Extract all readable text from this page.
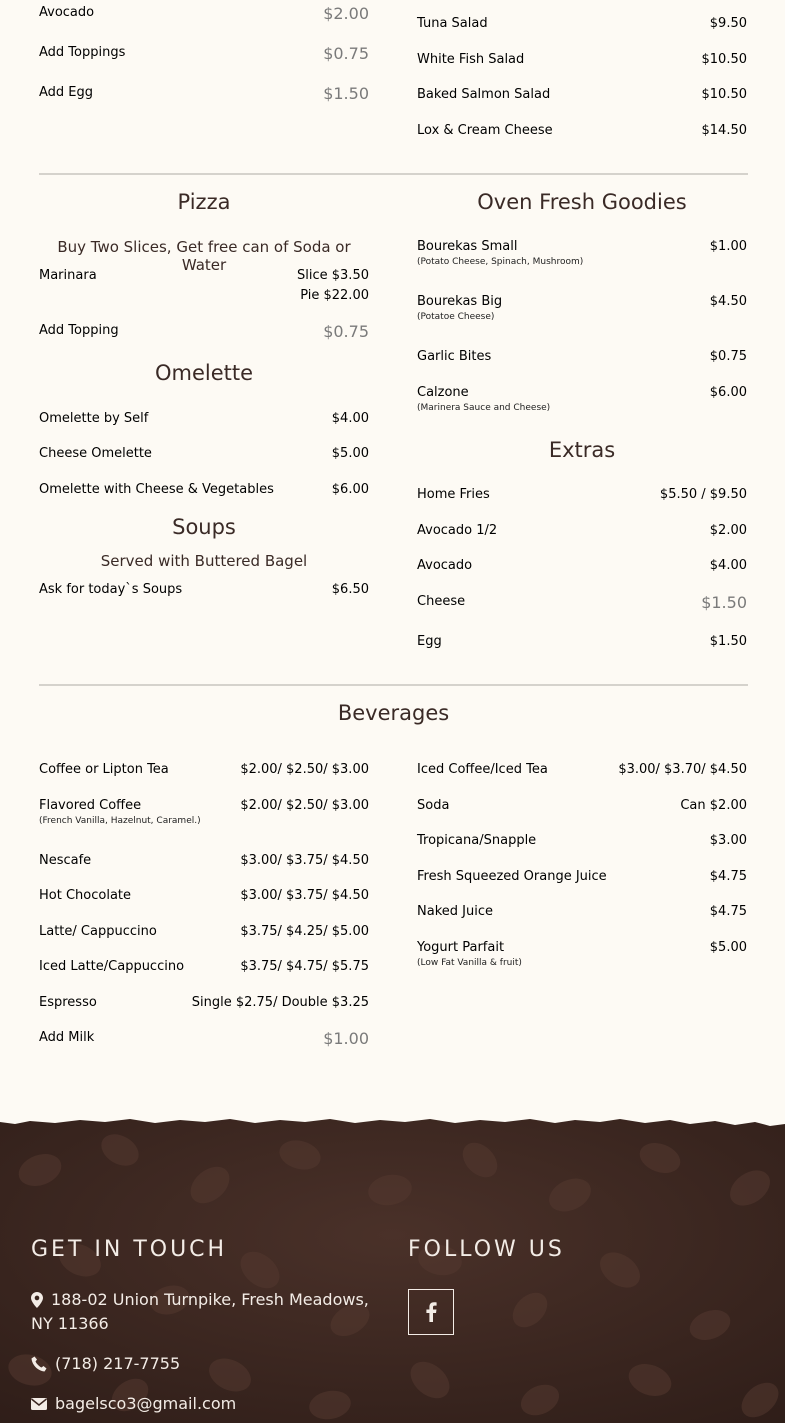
Avocado	$2.00
Add Toppings	$0.75
Add Egg	$1.50
Tuna Salad	$9.50
White Fish Salad	$10.50
Baked Salmon Salad	$10.50
Lox & Cream Cheese	$14.50
Pizza
Buy Two Slices, Get free can of Soda or Water
Marinara	Slice $3.50
Pie $22.00
Add Topping	$0.75
Omelette
Omelette by Self	$4.00
Cheese Omelette	$5.00
Omelette with Cheese & Vegetables	$6.00
Soups
Served with Buttered Bagel
Ask for today`s Soups	$6.50
Oven Fresh Goodies
Bourekas Small	$1.00
(Potato Cheese, Spinach, Mushroom)
Bourekas Big	$4.50
(Potatoe Cheese)
Garlic Bites	$0.75
Calzone	$6.00
(Marinera Sauce and Cheese)
Extras
Home Fries	$5.50 / $9.50
Avocado 1/2	$2.00
Avocado	$4.00
Cheese	$1.50
Egg	$1.50
Beverages
Coffee or Lipton Tea	$2.00/ $2.50/ $3.00
Flavored Coffee	$2.00/ $2.50/ $3.00
(French Vanilla, Hazelnut, Caramel.)
Nescafe	$3.00/ $3.75/ $4.50
Hot Chocolate	$3.00/ $3.75/ $4.50
Latte/ Cappuccino	$3.75/ $4.25/ $5.00
Iced Latte/Cappuccino	$3.75/ $4.75/ $5.75
Espresso	Single $2.75/ Double $3.25
Add Milk	$1.00
Iced Coffee/Iced Tea	$3.00/ $3.70/ $4.50
Soda	Can $2.00
Tropicana/Snapple	$3.00
Fresh Squeezed Orange Juice	$4.75
Naked Juice	$4.75
Yogurt Parfait	$5.00
(Low Fat Vanilla & fruit)
GET IN TOUCH
188-02 Union Turnpike, Fresh Meadows,
NY 11366
(718) 217-7755
bagelsco3@gmail.com
FOLLOW US
